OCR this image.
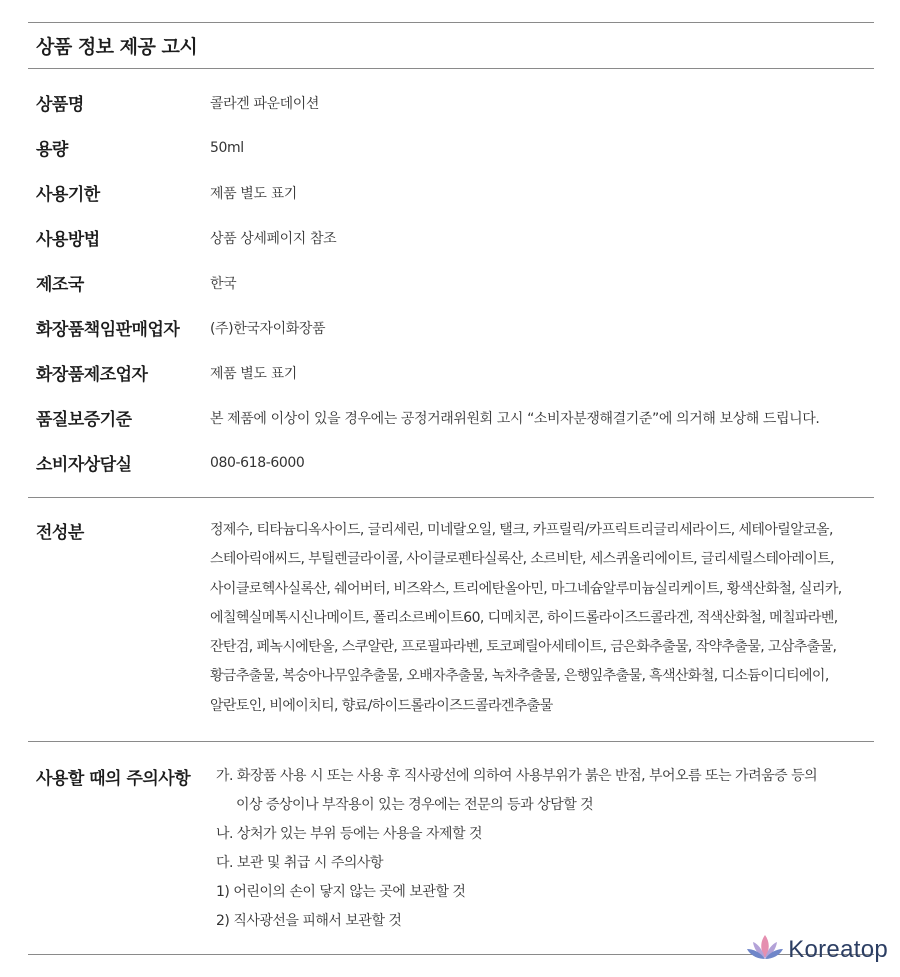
상품 정보 제공 고시
상품명	콜라겐 파운데이션
용량	50ml
사용기한	제품 별도 표기
사용방법	상품 상세페이지 참조
제조국	한국
화장품책임판매업자	(주)한국자이화장품
화장품제조업자	제품 별도 표기
품질보증기준	본 제품에 이상이 있을 경우에는 공정거래위원회 고시 “소비자분쟁해결기준”에 의거해 보상해 드립니다.
소비자상담실	080-618-6000
전성분	정제수, 티타늄디옥사이드, 글리세린, 미네랄오일, 탤크, 카프릴릭/카프릭트리글리세라이드, 세테아릴알코올, 스테아릭애씨드, 부틸렌글라이콜, 사이클로펜타실록산, 소르비탄, 세스퀴올리에이트, 글리세릴스테아레이트, 사이클로헥사실록산, 쉐어버터, 비즈왁스, 트리에탄올아민, 마그네슘알루미늄실리케이트, 황색산화철, 실리카, 에칠헥실메톡시신나메이트, 폴리소르베이트60, 디메치콘, 하이드롤라이즈드콜라겐, 적색산화철, 메칠파라벤, 잔탄검, 페녹시에탄올, 스쿠알란, 프로필파라벤, 토코페릴아세테이트, 금은화추출물, 작약추출물, 고삼추출물, 황금추출물, 복숭아나무잎추출물, 오배자추출물, 녹차추출물, 은행잎추출물, 흑색산화철, 디소듐이디티에이, 알란토인, 비에이치티, 향료/하이드롤라이즈드콜라겐추출물
사용할 때의 주의사항	가. 화장품 사용 시 또는 사용 후 직사광선에 의하여 사용부위가 붉은 반점, 부어오름 또는 가려움증 등의
이상 증상이나 부작용이 있는 경우에는 전문의 등과 상담할 것
나. 상처가 있는 부위 등에는 사용을 자제할 것
다. 보관 및 취급 시 주의사항
1) 어린이의 손이 닿지 않는 곳에 보관할 것
2) 직사광선을 피해서 보관할 것
Koreatop
